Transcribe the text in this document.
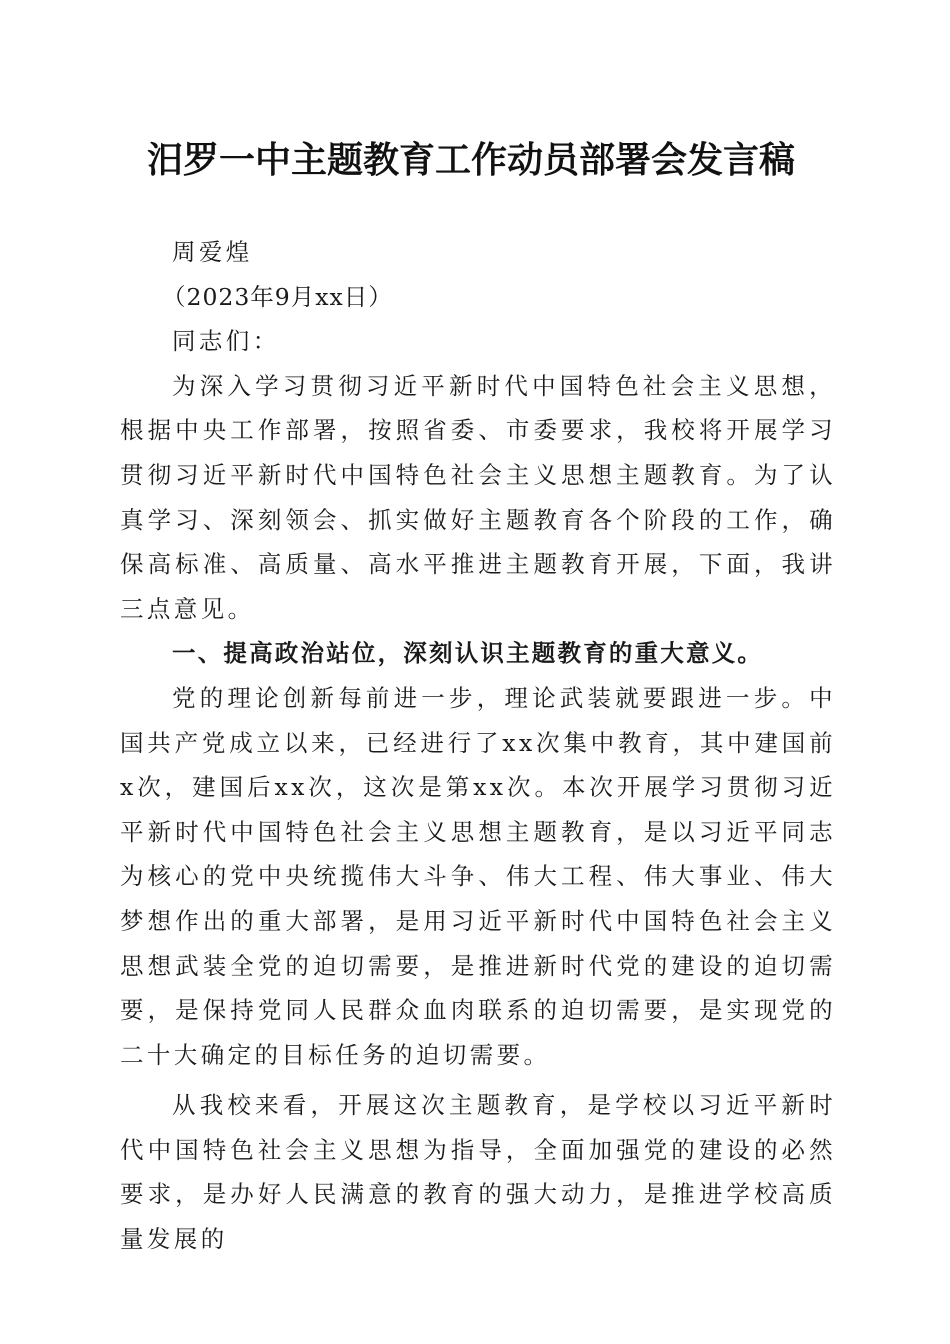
汨罗一中主题教育工作动员部署会发言稿

周爱煌

（2023年9月xx日）

同志们：

为深入学习贯彻习近平新时代中国特色社会主义思想，根据中央工作部署，按照省委、市委要求，我校将开展学习贯彻习近平新时代中国特色社会主义思想主题教育。为了认真学习、深刻领会、抓实做好主题教育各个阶段的工作，确保高标准、高质量、高水平推进主题教育开展，下面，我讲三点意见。

一、提高政治站位，深刻认识主题教育的重大意义。

党的理论创新每前进一步，理论武装就要跟进一步。中国共产党成立以来，已经进行了xx次集中教育，其中建国前x次，建国后xx次，这次是第xx次。本次开展学习贯彻习近平新时代中国特色社会主义思想主题教育，是以习近平同志为核心的党中央统揽伟大斗争、伟大工程、伟大事业、伟大梦想作出的重大部署，是用习近平新时代中国特色社会主义思想武装全党的迫切需要，是推进新时代党的建设的迫切需要，是保持党同人民群众血肉联系的迫切需要，是实现党的二十大确定的目标任务的迫切需要。

从我校来看，开展这次主题教育，是学校以习近平新时代中国特色社会主义思想为指导，全面加强党的建设的必然要求，是办好人民满意的教育的强大动力，是推进学校高质量发展的
